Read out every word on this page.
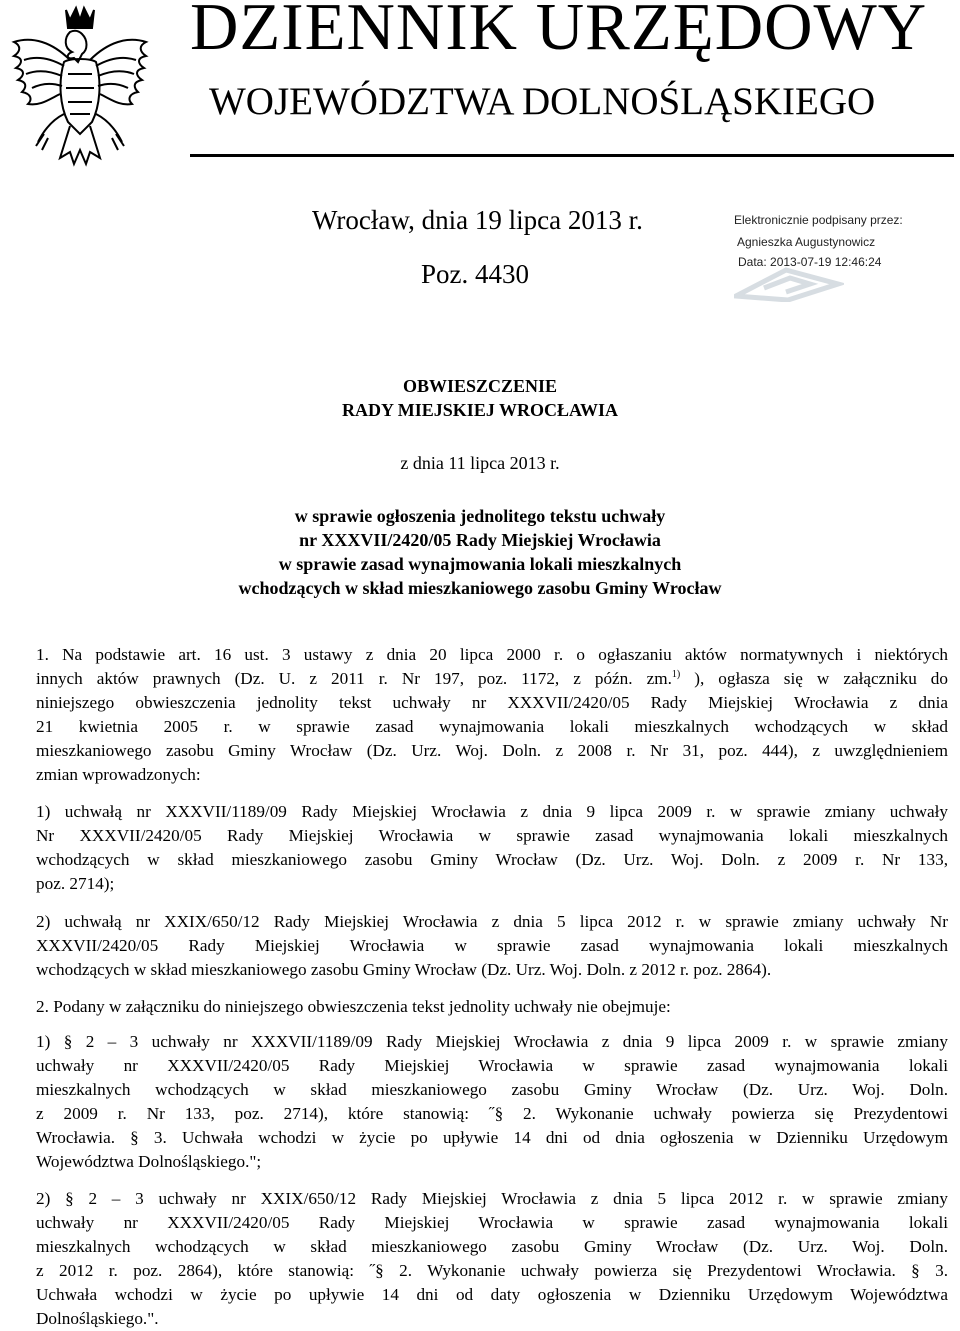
DZIENNIK URZĘDOWY
WOJEWÓDZTWA DOLNOŚLĄSKIEGO
Wrocław, dnia 19 lipca 2013 r.
Poz. 4430
Elektronicznie podpisany przez:
Agnieszka Augustynowicz
Data: 2013-07-19 12:46:24
OBWIESZCZENIE
RADY MIEJSKIEJ WROCŁAWIA
z dnia 11 lipca 2013 r.
w sprawie ogłoszenia jednolitego tekstu uchwały
nr XXXVII/2420/05 Rady Miejskiej Wrocławia
w sprawie zasad wynajmowania lokali mieszkalnych
wchodzących w skład mieszkaniowego zasobu Gminy Wrocław
1. Na podstawie art. 16 ust. 3 ustawy z dnia 20 lipca 2000 r. o ogłaszaniu aktów normatywnych i niektórych
innych aktów prawnych (Dz. U. z 2011 r. Nr 197, poz. 1172, z późn. zm.$^{1)}$ ), ogłasza się w załączniku do
niniejszego obwieszczenia jednolity tekst uchwały nr XXXVII/2420/05 Rady Miejskiej Wrocławia z dnia
21 kwietnia 2005 r. w sprawie zasad wynajmowania lokali mieszkalnych wchodzących w skład
mieszkaniowego zasobu Gminy Wrocław (Dz. Urz. Woj. Doln. z 2008 r. Nr 31, poz. 444), z uwzględnieniem
zmian wprowadzonych:
1) uchwałą nr XXXVII/1189/09 Rady Miejskiej Wrocławia z dnia 9 lipca 2009 r. w sprawie zmiany uchwały
Nr XXXVII/2420/05 Rady Miejskiej Wrocławia w sprawie zasad wynajmowania lokali mieszkalnych
wchodzących w skład mieszkaniowego zasobu Gminy Wrocław (Dz. Urz. Woj. Doln. z 2009 r. Nr 133,
poz. 2714);
2) uchwałą nr XXIX/650/12 Rady Miejskiej Wrocławia z dnia 5 lipca 2012 r. w sprawie zmiany uchwały Nr
XXXVII/2420/05 Rady Miejskiej Wrocławia w sprawie zasad wynajmowania lokali mieszkalnych
wchodzących w skład mieszkaniowego zasobu Gminy Wrocław (Dz. Urz. Woj. Doln. z 2012 r. poz. 2864).
2. Podany w załączniku do niniejszego obwieszczenia tekst jednolity uchwały nie obejmuje:
1) § 2 – 3 uchwały nr XXXVII/1189/09 Rady Miejskiej Wrocławia z dnia 9 lipca 2009 r. w sprawie zmiany
uchwały nr XXXVII/2420/05 Rady Miejskiej Wrocławia w sprawie zasad wynajmowania lokali
mieszkalnych wchodzących w skład mieszkaniowego zasobu Gminy Wrocław (Dz. Urz. Woj. Doln.
z 2009 r. Nr 133, poz. 2714), które stanowią: ˝§ 2. Wykonanie uchwały powierza się Prezydentowi
Wrocławia. § 3. Uchwała wchodzi w życie po upływie 14 dni od dnia ogłoszenia w Dzienniku Urzędowym
Województwa Dolnośląskiego.";
2) § 2 – 3 uchwały nr XXIX/650/12 Rady Miejskiej Wrocławia z dnia 5 lipca 2012 r. w sprawie zmiany
uchwały nr XXXVII/2420/05 Rady Miejskiej Wrocławia w sprawie zasad wynajmowania lokali
mieszkalnych wchodzących w skład mieszkaniowego zasobu Gminy Wrocław (Dz. Urz. Woj. Doln.
z 2012 r. poz. 2864), które stanowią: ˝§ 2. Wykonanie uchwały powierza się Prezydentowi Wrocławia. § 3.
Uchwała wchodzi w życie po upływie 14 dni od daty ogłoszenia w Dzienniku Urzędowym Województwa
Dolnośląskiego.".
